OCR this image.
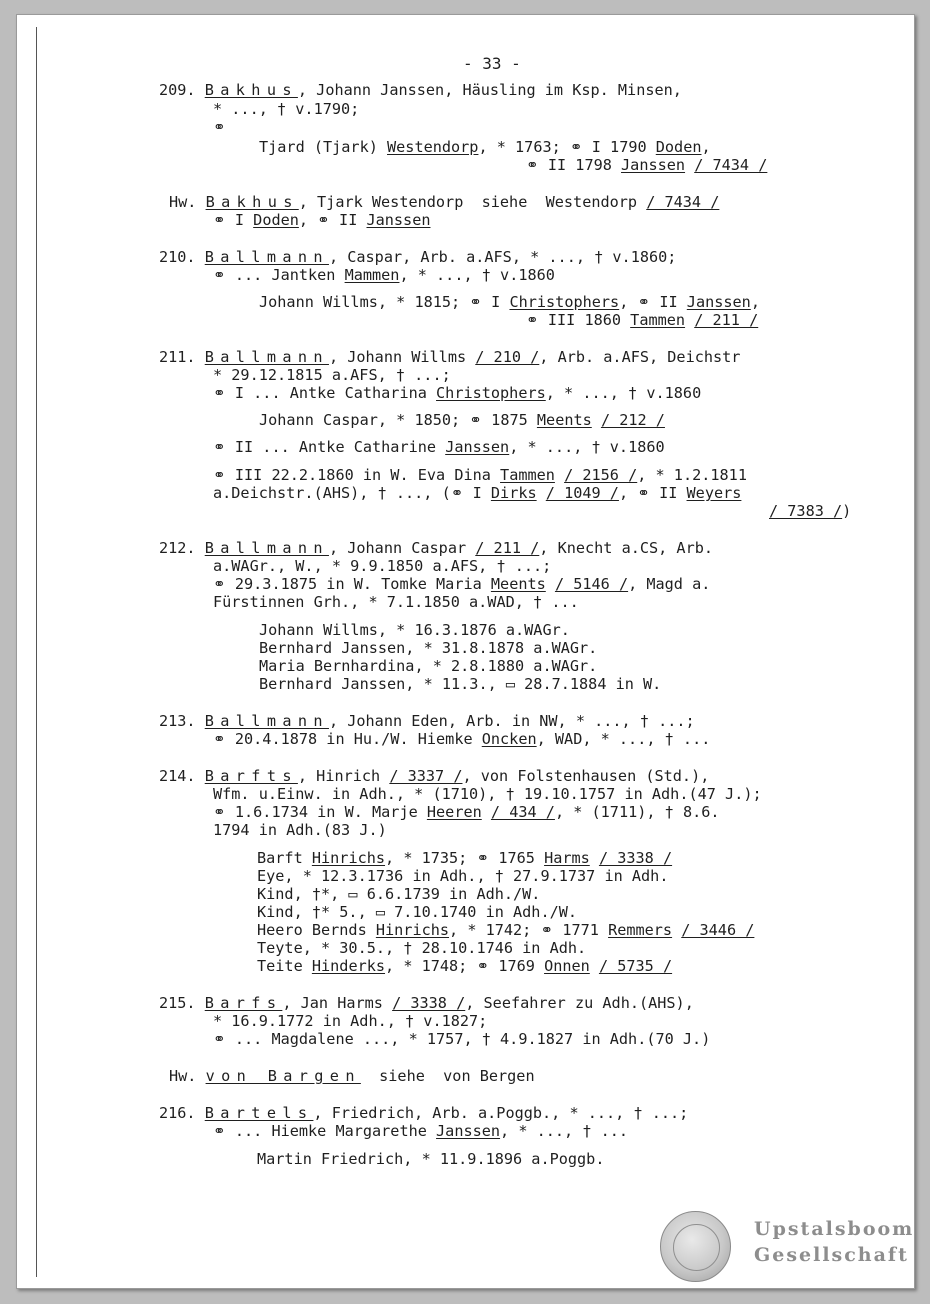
- 33 -
209. Bakhus, Johann Janssen, Häusling im Ksp. Minsen,
* ..., † v.1790;
⚭
Tjard (Tjark) Westendorp, * 1763; ⚭ I 1790 Doden,
⚭ II 1798 Janssen / 7434 /
Hw. Bakhus, Tjark Westendorp  siehe  Westendorp / 7434 /
⚭ I Doden, ⚭ II Janssen
210. Ballmann, Caspar, Arb. a.AFS, * ..., † v.1860;
⚭ ... Jantken Mammen, * ..., † v.1860
Johann Willms, * 1815; ⚭ I Christophers, ⚭ II Janssen,
⚭ III 1860 Tammen / 211 /
211. Ballmann, Johann Willms / 210 /, Arb. a.AFS, Deichstr
* 29.12.1815 a.AFS, † ...;
⚭ I ... Antke Catharina Christophers, * ..., † v.1860
Johann Caspar, * 1850; ⚭ 1875 Meents / 212 /
⚭ II ... Antke Catharine Janssen, * ..., † v.1860
⚭ III 22.2.1860 in W. Eva Dina Tammen / 2156 /, * 1.2.1811
a.Deichstr.(AHS), † ..., (⚭ I Dirks / 1049 /, ⚭ II Weyers
/ 7383 /)
212. Ballmann, Johann Caspar / 211 /, Knecht a.CS, Arb.
a.WAGr., W., * 9.9.1850 a.AFS, † ...;
⚭ 29.3.1875 in W. Tomke Maria Meents / 5146 /, Magd a.
Fürstinnen Grh., * 7.1.1850 a.WAD, † ...
Johann Willms, * 16.3.1876 a.WAGr.
Bernhard Janssen, * 31.8.1878 a.WAGr.
Maria Bernhardina, * 2.8.1880 a.WAGr.
Bernhard Janssen, * 11.3., ▭ 28.7.1884 in W.
213. Ballmann, Johann Eden, Arb. in NW, * ..., † ...;
⚭ 20.4.1878 in Hu./W. Hiemke Oncken, WAD, * ..., † ...
214. Barfts, Hinrich / 3337 /, von Folstenhausen (Std.),
Wfm. u.Einw. in Adh., * (1710), † 19.10.1757 in Adh.(47 J.);
⚭ 1.6.1734 in W. Marje Heeren / 434 /, * (1711), † 8.6.
1794 in Adh.(83 J.)
Barft Hinrichs, * 1735; ⚭ 1765 Harms / 3338 /
Eye, * 12.3.1736 in Adh., † 27.9.1737 in Adh.
Kind, †*, ▭ 6.6.1739 in Adh./W.
Kind, †* 5., ▭ 7.10.1740 in Adh./W.
Heero Bernds Hinrichs, * 1742; ⚭ 1771 Remmers / 3446 /
Teyte, * 30.5., † 28.10.1746 in Adh.
Teite Hinderks, * 1748; ⚭ 1769 Onnen / 5735 /
215. Barfs, Jan Harms / 3338 /, Seefahrer zu Adh.(AHS),
* 16.9.1772 in Adh., † v.1827;
⚭ ... Magdalene ..., * 1757, † 4.9.1827 in Adh.(70 J.)
Hw. von Bargen  siehe  von Bergen
216. Bartels, Friedrich, Arb. a.Poggb., * ..., † ...;
⚭ ... Hiemke Margarethe Janssen, * ..., † ...
Martin Friedrich, * 11.9.1896 a.Poggb.
Upstalsboom
Gesellschaft
